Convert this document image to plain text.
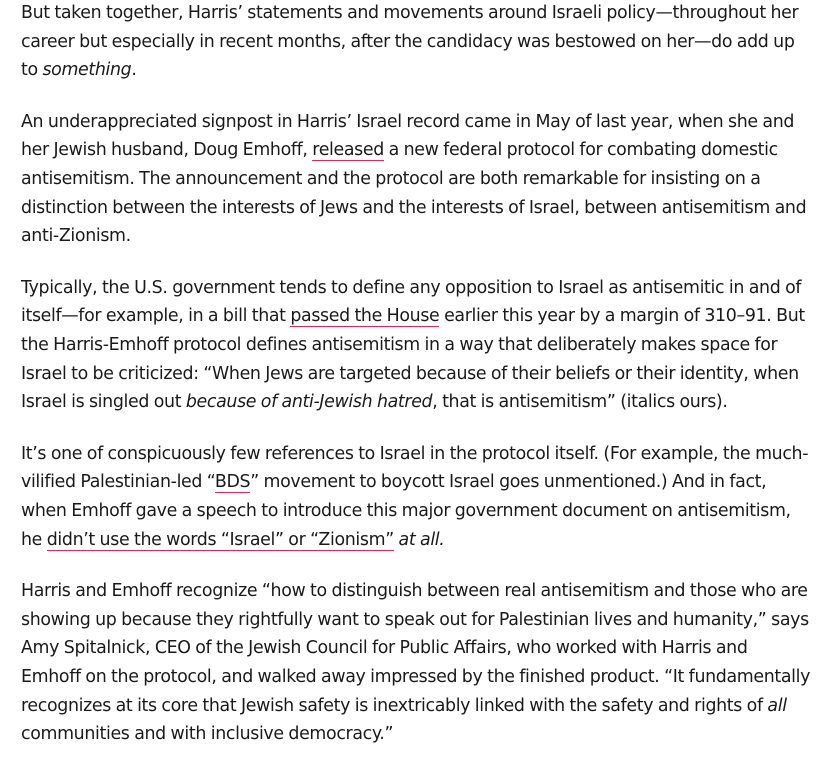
But taken together, Harris’ statements and movements around Israeli policy—throughout her career but especially in recent months, after the candidacy was bestowed on her—do add up to something.

An underappreciated signpost in Harris’ Israel record came in May of last year, when she and her Jewish husband, Doug Emhoff, released a new federal protocol for combating domestic antisemitism. The announcement and the protocol are both remarkable for insisting on a distinction between the interests of Jews and the interests of Israel, between antisemitism and anti-Zionism.

Typically, the U.S. government tends to define any opposition to Israel as antisemitic in and of itself—for example, in a bill that passed the House earlier this year by a margin of 310–91. But the Harris-Emhoff protocol defines antisemitism in a way that deliberately makes space for Israel to be criticized: “When Jews are targeted because of their beliefs or their identity, when Israel is singled out because of anti-Jewish hatred, that is antisemitism” (italics ours).

It’s one of conspicuously few references to Israel in the protocol itself. (For example, the much-vilified Palestinian-led “BDS” movement to boycott Israel goes unmentioned.) And in fact, when Emhoff gave a speech to introduce this major government document on antisemitism, he didn’t use the words “Israel” or “Zionism” at all.

Harris and Emhoff recognize “how to distinguish between real antisemitism and those who are showing up because they rightfully want to speak out for Palestinian lives and humanity,” says Amy Spitalnick, CEO of the Jewish Council for Public Affairs, who worked with Harris and Emhoff on the protocol, and walked away impressed by the finished product. “It fundamentally recognizes at its core that Jewish safety is inextricably linked with the safety and rights of all communities and with inclusive democracy.”
